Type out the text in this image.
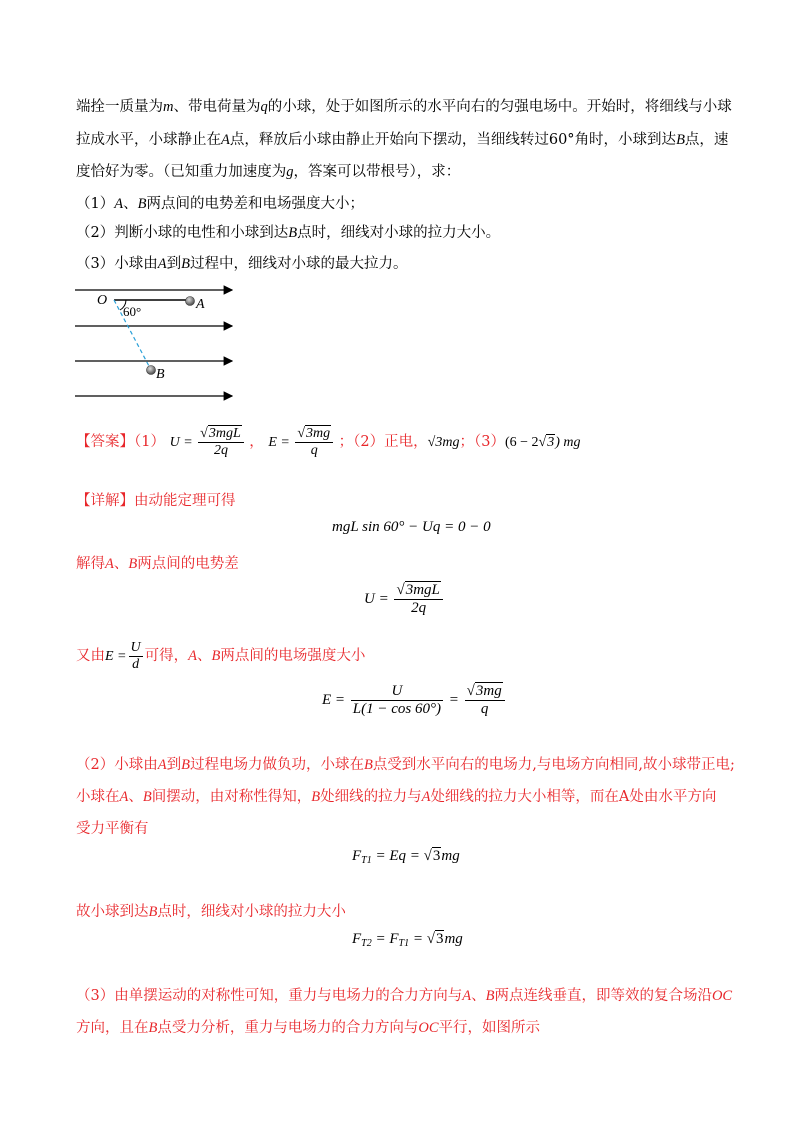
端拴一质量为m、带电荷量为q的小球，处于如图所示的水平向右的匀强电场中。开始时，将细线与小球
拉成水平，小球静止在A点，释放后小球由静止开始向下摆动，当细线转过60°角时，小球到达B点，速
度恰好为零。（已知重力加速度为g，答案可以带根号），求：
（1）A、B两点间的电势差和电场强度大小；
（2）判断小球的电性和小球到达B点时，细线对小球的拉力大小。
（3）小球由A到B过程中，细线对小球的最大拉力。
O	A
B
60°
【答案】（1） $U = \frac{\text{√3mgL}}{2q}$ ， $E = \frac{√3mg}{q}$ ；（2）正电，√3mg；（3）(6 − 2√3) mg
【详解】由动能定理可得
mgL sin 60° − Uq = 0 − 0
解得A、B两点间的电势差
$U = \frac{\text{√3mgL}}{2q}$
又由$E = \frac{U}{d}$ 可得，A、B两点间的电场强度大小
$E = \frac{U}{L(1 - \cos 60^\circ)} = \frac{√3mg}{q}$
（2）小球由A到B过程电场力做负功，小球在B点受到水平向右的电场力,与电场方向相同,故小球带正电;
小球在A、B间摆动，由对称性得知，B处细线的拉力与A处细线的拉力大小相等，而在A处由水平方向
受力平衡有
$F_{T1} = Eq = √3mg$
故小球到达B点时，细线对小球的拉力大小
$F_{T2} = F_{T1} = √3mg$
（3）由单摆运动的对称性可知，重力与电场力的合力方向与A、B两点连线垂直，即等效的复合场沿OC
方向，且在B点受力分析，重力与电场力的合力方向与OC平行，如图所示
